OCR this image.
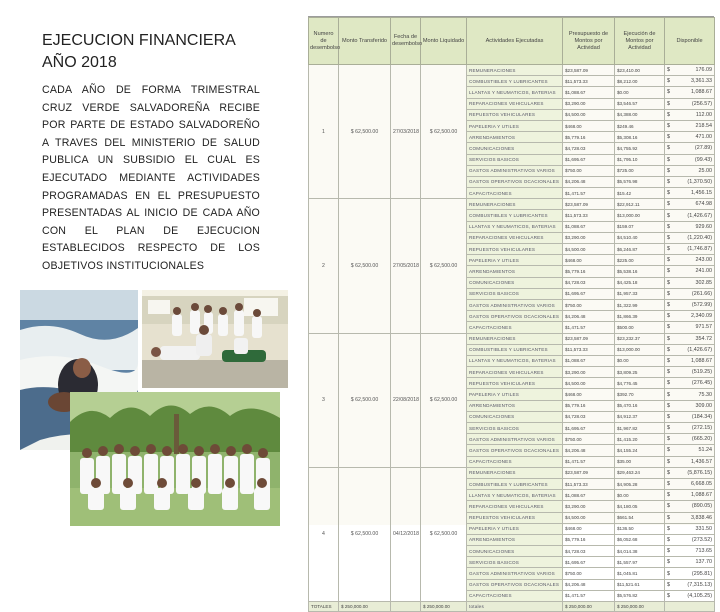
EJECUCION FINANCIERA
AÑO 2018
CADA AÑO DE FORMA TRIMESTRAL CRUZ VERDE SALVADOREÑA RECIBE POR PARTE DE ESTADO SALVADOREÑO A TRAVES DEL MINISTERIO DE SALUD PUBLICA UN SUBSIDIO EL CUAL ES EJECUTADO MEDIANTE ACTIVIDADES PROGRAMADAS EN EL PRESUPUESTO PRESENTADAS AL INICIO DE CADA AÑO CON EL PLAN DE EJECUCION ESTABLECIDOS RESPECTO DE LOS OBJETIVOS INSTITUCIONALES
Numero de desembolso	Monto Transferido	Fecha de desembolso	Monto Liquidado	Actividades Ejecutadas	Presupuesto de Montos por Actividad	Ejecución de Montos por Actividad	Disponible
1	$ 62,500.00	27/03/2018	$ 62,500.00	REMUNERACIONES	$23,587.09	$23,410.00	$ 176.09
				COMBUSTIBLES Y LUBRICANTES	$11,573.33	$8,212.00	$ 3,361.33
				LLANTAS Y NEUMATICOS, BATERIAS	$1,088.67	$0.00	$ 1,088.67
				REPARACIONES VEHICULARES	$3,290.00	$3,546.57	$ (256.57)
				REPUESTOS VEHICULARES	$4,500.00	$4,388.00	$ 112.00
				PAPELERIA Y UTILES	$468.00	$249.46	$ 218.54
				ARRENDAMIENTOS	$5,779.16	$5,308.16	$ 471.00
				COMUNICACIONES	$4,728.03	$4,755.92	$ (27.89)
				SERVICIOS BASICOS	$1,695.67	$1,795.10	$ (99.43)
				GASTOS ADMINISTRATIVOS VARIOS	$750.00	$725.00	$ 25.00
				GASTOS OPERATIVOS OCACIONALES	$4,206.48	$5,576.98	$ (1,370.50)
				CAPACITACIONES	$1,471.57	$15.42	$ 1,456.15
2	$ 62,500.00	27/05/2018	$ 62,500.00	REMUNERACIONES	$23,587.09	$22,912.11	$ 674.98
				COMBUSTIBLES Y LUBRICANTES	$11,573.33	$13,000.00	$ (1,426.67)
				LLANTAS Y NEUMATICOS, BATERIAS	$1,088.67	$159.07	$ 929.60
				REPARACIONES VEHICULARES	$3,290.00	$4,510.40	$ (1,220.40)
				REPUESTOS VEHICULARES	$4,500.00	$6,246.87	$ (1,746.87)
				PAPELERIA Y UTILES	$468.00	$225.00	$ 243.00
				ARRENDAMIENTOS	$5,779.16	$5,538.16	$ 241.00
				COMUNICACIONES	$4,728.03	$4,425.18	$ 302.85
				SERVICIOS BASICOS	$1,695.67	$1,957.33	$ (261.66)
				GASTOS ADMINISTRATIVOS VARIOS	$750.00	$1,322.99	$ (572.99)
				GASTOS OPERATIVOS OCACIONALES	$4,206.48	$1,866.39	$ 2,340.09
				CAPACITACIONES	$1,471.57	$500.00	$ 971.57
3	$ 62,500.00	22/08/2018	$ 62,500.00	REMUNERACIONES	$23,587.09	$23,232.37	$ 354.72
				COMBUSTIBLES Y LUBRICANTES	$11,573.33	$13,000.00	$ (1,426.67)
				LLANTAS Y NEUMATICOS, BATERIAS	$1,088.67	$0.00	$ 1,088.67
				REPARACIONES VEHICULARES	$3,290.00	$3,809.25	$ (519.25)
				REPUESTOS VEHICULARES	$4,500.00	$4,776.45	$ (276.45)
				PAPELERIA Y UTILES	$468.00	$392.70	$ 75.30
				ARRENDAMIENTOS	$5,779.16	$5,470.16	$ 309.00
				COMUNICACIONES	$4,728.03	$4,912.37	$ (184.34)
				SERVICIOS BASICOS	$1,695.67	$1,967.82	$ (272.15)
				GASTOS ADMINISTRATIVOS VARIOS	$750.00	$1,415.20	$ (665.20)
				GASTOS OPERATIVOS OCACIONALES	$4,206.48	$4,155.24	$ 51.24
				CAPACITACIONES	$1,471.57	$35.00	$ 1,436.57
4	$ 62,500.00	04/12/2018	$ 62,500.00	REMUNERACIONES	$23,587.09	$29,463.24	$ (5,876.15)
				COMBUSTIBLES Y LUBRICANTES	$11,573.33	$4,905.28	$ 6,668.05
				LLANTAS Y NEUMATICOS, BATERIAS	$1,088.67	$0.00	$ 1,088.67
				REPARACIONES VEHICULARES	$3,290.00	$4,180.05	$ (890.05)
				REPUESTOS VEHICULARES	$4,500.00	$661.54	$ 3,838.46
				PAPELERIA Y UTILES	$468.00	$136.50	$ 331.50
				ARRENDAMIENTOS	$5,779.16	$6,052.68	$ (273.52)
				COMUNICACIONES	$4,728.03	$4,014.38	$ 713.65
				SERVICIOS BASICOS	$1,695.67	$1,557.97	$ 137.70
				GASTOS ADMINISTRATIVOS VARIOS	$750.00	$1,045.81	$ (295.81)
				GASTOS OPERATIVOS OCACIONALES	$4,206.48	$11,521.61	$ (7,315.13)
				CAPACITACIONES	$1,471.57	$5,576.82	$ (4,105.25)
TOTALES	$ 250,000.00		$ 250,000.00	totales	$ 250,000.00	$ 250,000.00	
